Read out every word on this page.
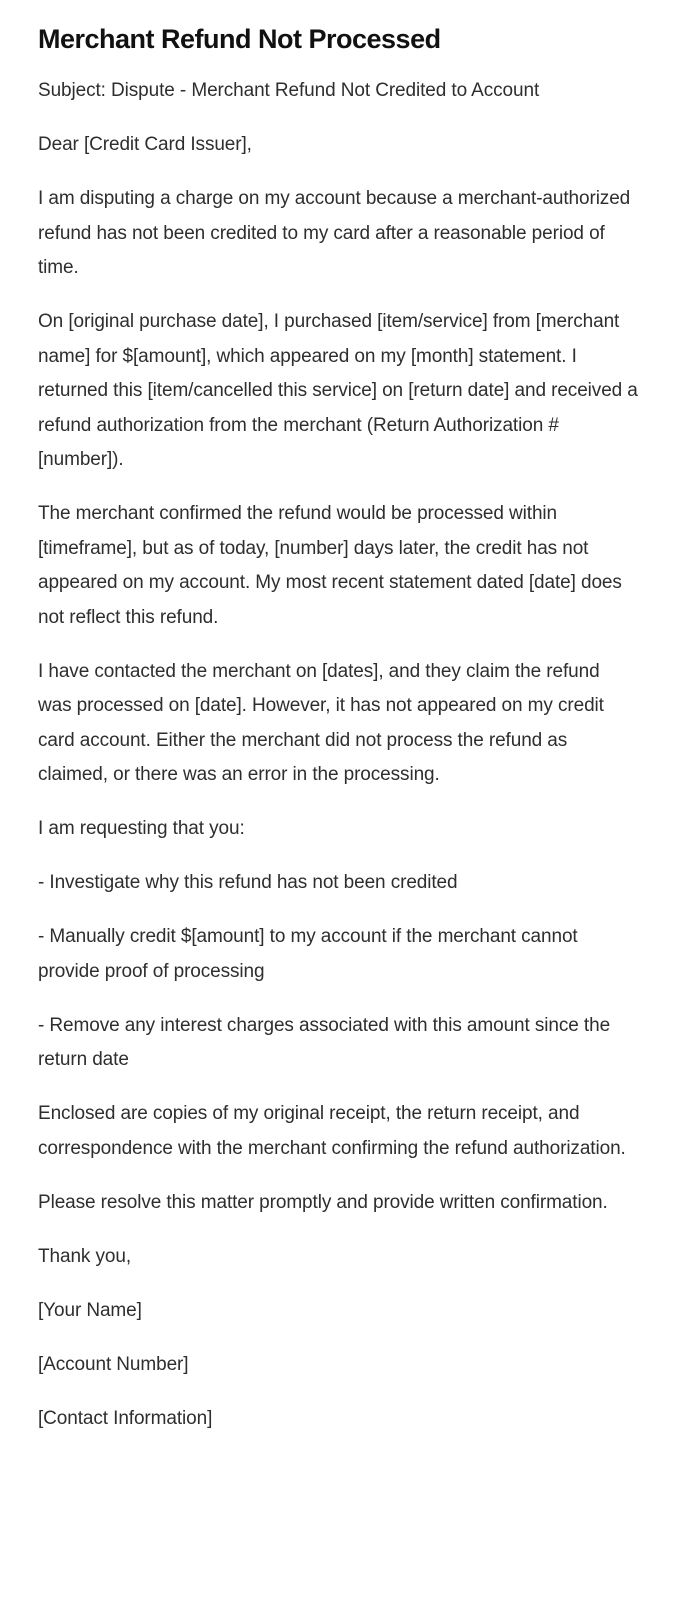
Merchant Refund Not Processed

Subject: Dispute - Merchant Refund Not Credited to Account

Dear [Credit Card Issuer],

I am disputing a charge on my account because a merchant-authorized refund has not been credited to my card after a reasonable period of time.

On [original purchase date], I purchased [item/service] from [merchant name] for $[amount], which appeared on my [month] statement. I returned this [item/cancelled this service] on [return date] and received a refund authorization from the merchant (Return Authorization #[number]).

The merchant confirmed the refund would be processed within [timeframe], but as of today, [number] days later, the credit has not appeared on my account. My most recent statement dated [date] does not reflect this refund.

I have contacted the merchant on [dates], and they claim the refund was processed on [date]. However, it has not appeared on my credit card account. Either the merchant did not process the refund as claimed, or there was an error in the processing.

I am requesting that you:

- Investigate why this refund has not been credited

- Manually credit $[amount] to my account if the merchant cannot provide proof of processing

- Remove any interest charges associated with this amount since the return date

Enclosed are copies of my original receipt, the return receipt, and correspondence with the merchant confirming the refund authorization.

Please resolve this matter promptly and provide written confirmation.

Thank you,

[Your Name]

[Account Number]

[Contact Information]
